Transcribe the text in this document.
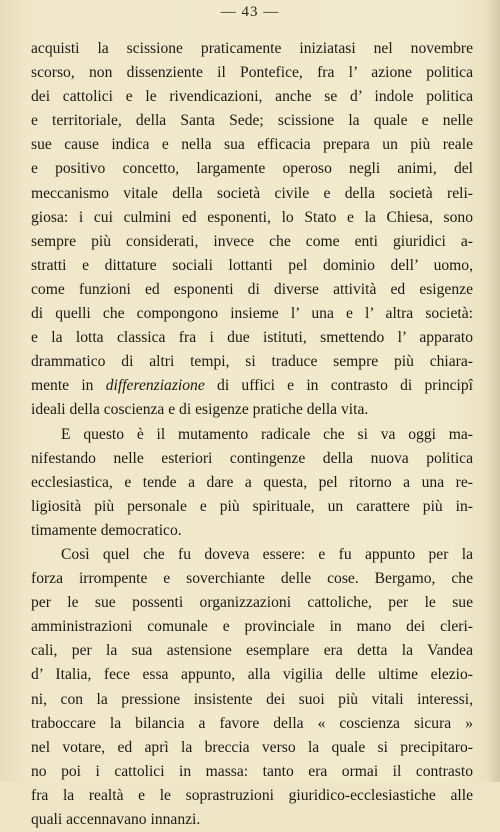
— 43 —
acquisti la scissione praticamente iniziatasi nel novembre
scorso, non dissenziente il Pontefice, fra l’ azione politica
dei cattolici e le rivendicazioni, anche se d’ indole politica
e territoriale, della Santa Sede; scissione la quale e nelle
sue cause indica e nella sua efficacia prepara un più reale
e positivo concetto, largamente operoso negli animi, del
meccanismo vitale della società civile e della società reli-
giosa: i cui culmini ed esponenti, lo Stato e la Chiesa, sono
sempre più considerati, invece che come enti giuridici a-
stratti e dittature sociali lottanti pel dominio dell’ uomo,
come funzioni ed esponenti di diverse attività ed esigenze
di quelli che compongono insieme l’ una e l’ altra società:
e la lotta classica fra i due istituti, smettendo l’ apparato
drammatico di altri tempi, si traduce sempre più chiara-
mente in differenziazione di uffici e in contrasto di principî
ideali della coscienza e di esigenze pratiche della vita.
E questo è il mutamento radicale che si va oggi ma-
nifestando nelle esteriori contingenze della nuova politica
ecclesiastica, e tende a dare a questa, pel ritorno a una re-
ligiosità più personale e più spirituale, un carattere più in-
timamente democratico.
Così quel che fu doveva essere: e fu appunto per la
forza irrompente e soverchiante delle cose. Bergamo, che
per le sue possenti organizzazioni cattoliche, per le sue
amministrazioni comunale e provinciale in mano dei cleri-
cali, per la sua astensione esemplare era detta la Vandea
d’ Italia, fece essa appunto, alla vigilia delle ultime elezio-
ni, con la pressione insistente dei suoi più vitali interessi,
traboccare la bilancia a favore della « coscienza sicura »
nel votare, ed aprì la breccia verso la quale si precipitaro-
no poi i cattolici in massa: tanto era ormai il contrasto
fra la realtà e le soprastruzioni giuridico-ecclesiastiche alle
quali accennavano innanzi.
